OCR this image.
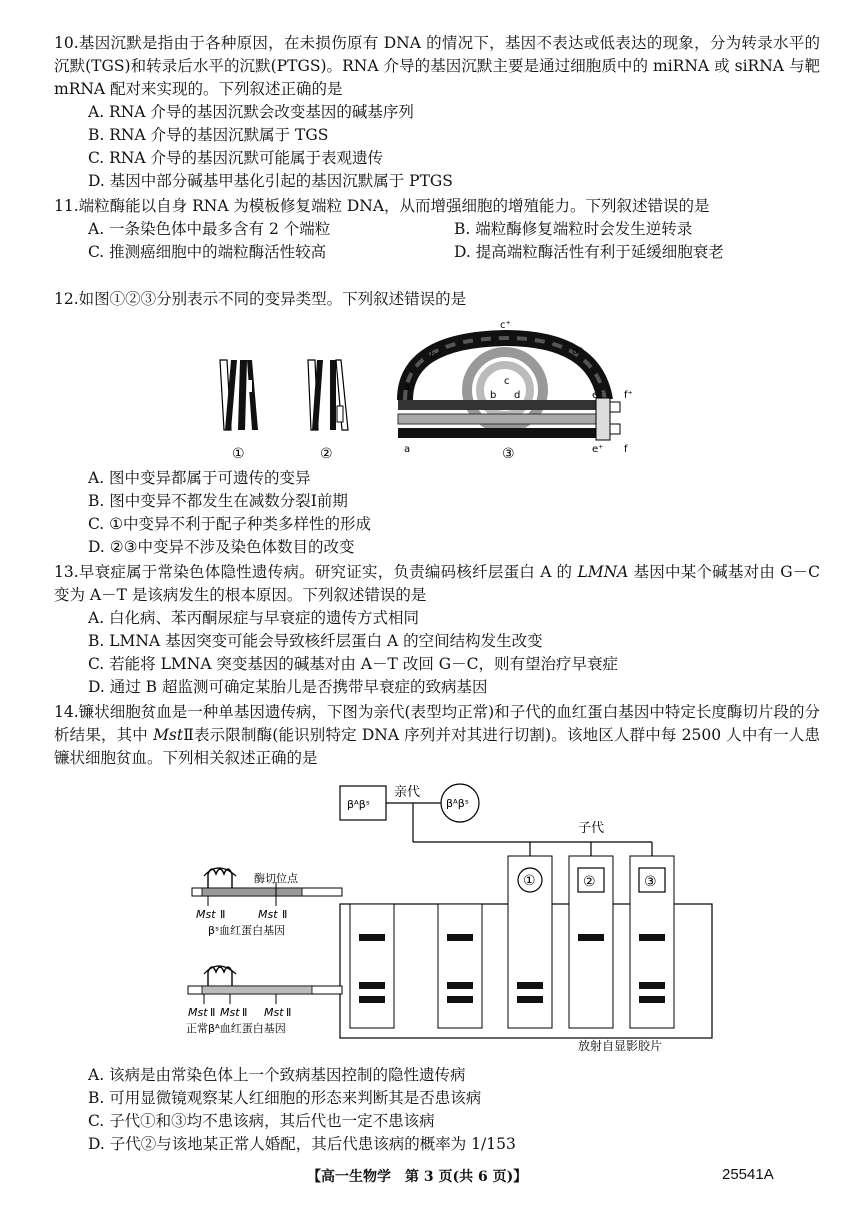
10.基因沉默是指由于各种原因，在未损伤原有 DNA 的情况下，基因不表达或低表达的现象，分为转录水平的沉默(TGS)和转录后水平的沉默(PTGS)。RNA 介导的基因沉默主要是通过细胞质中的 miRNA 或 siRNA 与靶 mRNA 配对来实现的。下列叙述正确的是

A. RNA 介导的基因沉默会改变基因的碱基序列

B. RNA 介导的基因沉默属于 TGS

C. RNA 介导的基因沉默可能属于表观遗传

D. 基因中部分碱基甲基化引起的基因沉默属于 PTGS

11.端粒酶能以自身 RNA 为模板修复端粒 DNA，从而增强细胞的增殖能力。下列叙述错误的是

A. 一条染色体中最多含有 2 个端粒	B. 端粒酶修复端粒时会发生逆转录

C. 推测癌细胞中的端粒酶活性较高	D. 提高端粒酶活性有利于延缓细胞衰老

12.如图①②③分别表示不同的变异类型。下列叙述错误的是

a⁺
b⁺
c⁺
d⁺
e⁺ f⁺
c
b d
a	e⁺ f
①	②	③

A. 图中变异都属于可遗传的变异

B. 图中变异不都发生在减数分裂Ⅰ前期

C. ①中变异不利于配子种类多样性的形成

D. ②③中变异不涉及染色体数目的改变

13.早衰症属于常染色体隐性遗传病。研究证实，负责编码核纤层蛋白 A 的 LMNA 基因中某个碱基对由 G－C 变为 A－T 是该病发生的根本原因。下列叙述错误的是

A. 白化病、苯丙酮尿症与早衰症的遗传方式相同

B. LMNA 基因突变可能会导致核纤层蛋白 A 的空间结构发生改变

C. 若能将 LMNA 突变基因的碱基对由 A－T 改回 G－C，则有望治疗早衰症

D. 通过 B 超监测可确定某胎儿是否携带早衰症的致病基因

14.镰状细胞贫血是一种单基因遗传病，下图为亲代(表型均正常)和子代的血红蛋白基因中特定长度酶切片段的分析结果，其中 MstⅡ表示限制酶(能识别特定 DNA 序列并对其进行切割)。该地区人群中每 2500 人中有一人患镰状细胞贫血。下列相关叙述正确的是

βᴬβˢ	βᴬβˢ
亲代
子代
放射自显影胶片
①	②	③
酶切位点
Mst Ⅱ	Mst Ⅱ
βˢ血红蛋白基因
Mst Ⅱ Mst Ⅱ Mst Ⅱ
正常βᴬ血红蛋白基因

A. 该病是由常染色体上一个致病基因控制的隐性遗传病

B. 可用显微镜观察某人红细胞的形态来判断其是否患该病

C. 子代①和③均不患该病，其后代也一定不患该病

D. 子代②与该地某正常人婚配，其后代患该病的概率为 1/153

【高一生物学　第 3 页(共 6 页)】	25541A
